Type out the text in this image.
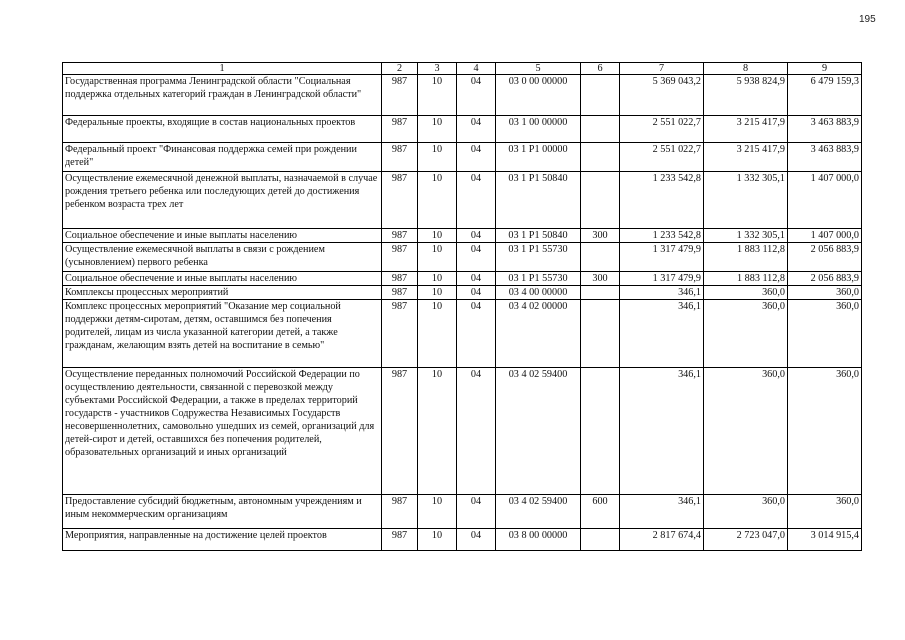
195
1	2	3	4	5	6	7	8	9
Государственная программа Ленинградской области "Социальная поддержка отдельных категорий граждан в Ленинградской области"	987	10	04	03 0 00 00000		5 369 043,2	5 938 824,9	6 479 159,3
Федеральные проекты, входящие в состав национальных проектов	987	10	04	03 1 00 00000		2 551 022,7	3 215 417,9	3 463 883,9
Федеральный проект "Финансовая поддержка семей при рождении детей"	987	10	04	03 1 P1 00000		2 551 022,7	3 215 417,9	3 463 883,9
Осуществление ежемесячной денежной выплаты, назначаемой в случае рождения третьего ребенка или последующих детей до достижения ребенком возраста трех лет	987	10	04	03 1 P1 50840		1 233 542,8	1 332 305,1	1 407 000,0
Социальное обеспечение и иные выплаты населению	987	10	04	03 1 P1 50840	300	1 233 542,8	1 332 305,1	1 407 000,0
Осуществление ежемесячной выплаты в связи с рождением (усыновлением) первого ребенка	987	10	04	03 1 P1 55730		1 317 479,9	1 883 112,8	2 056 883,9
Социальное обеспечение и иные выплаты населению	987	10	04	03 1 P1 55730	300	1 317 479,9	1 883 112,8	2 056 883,9
Комплексы процессных мероприятий	987	10	04	03 4 00 00000		346,1	360,0	360,0
Комплекс процессных мероприятий "Оказание мер социальной поддержки детям-сиротам, детям, оставшимся без попечения родителей, лицам из числа указанной категории детей, а также гражданам, желающим взять детей на воспитание в семью"	987	10	04	03 4 02 00000		346,1	360,0	360,0
Осуществление переданных полномочий Российской Федерации по осуществлению деятельности, связанной с перевозкой между субъектами Российской Федерации, а также в пределах территорий государств - участников Содружества Независимых Государств несовершеннолетних, самовольно ушедших из семей, организаций для детей-сирот и детей, оставшихся без попечения родителей, образовательных организаций и иных организаций	987	10	04	03 4 02 59400		346,1	360,0	360,0
Предоставление субсидий бюджетным, автономным учреждениям и иным некоммерческим организациям	987	10	04	03 4 02 59400	600	346,1	360,0	360,0
Мероприятия, направленные на достижение целей проектов	987	10	04	03 8 00 00000		2 817 674,4	2 723 047,0	3 014 915,4
